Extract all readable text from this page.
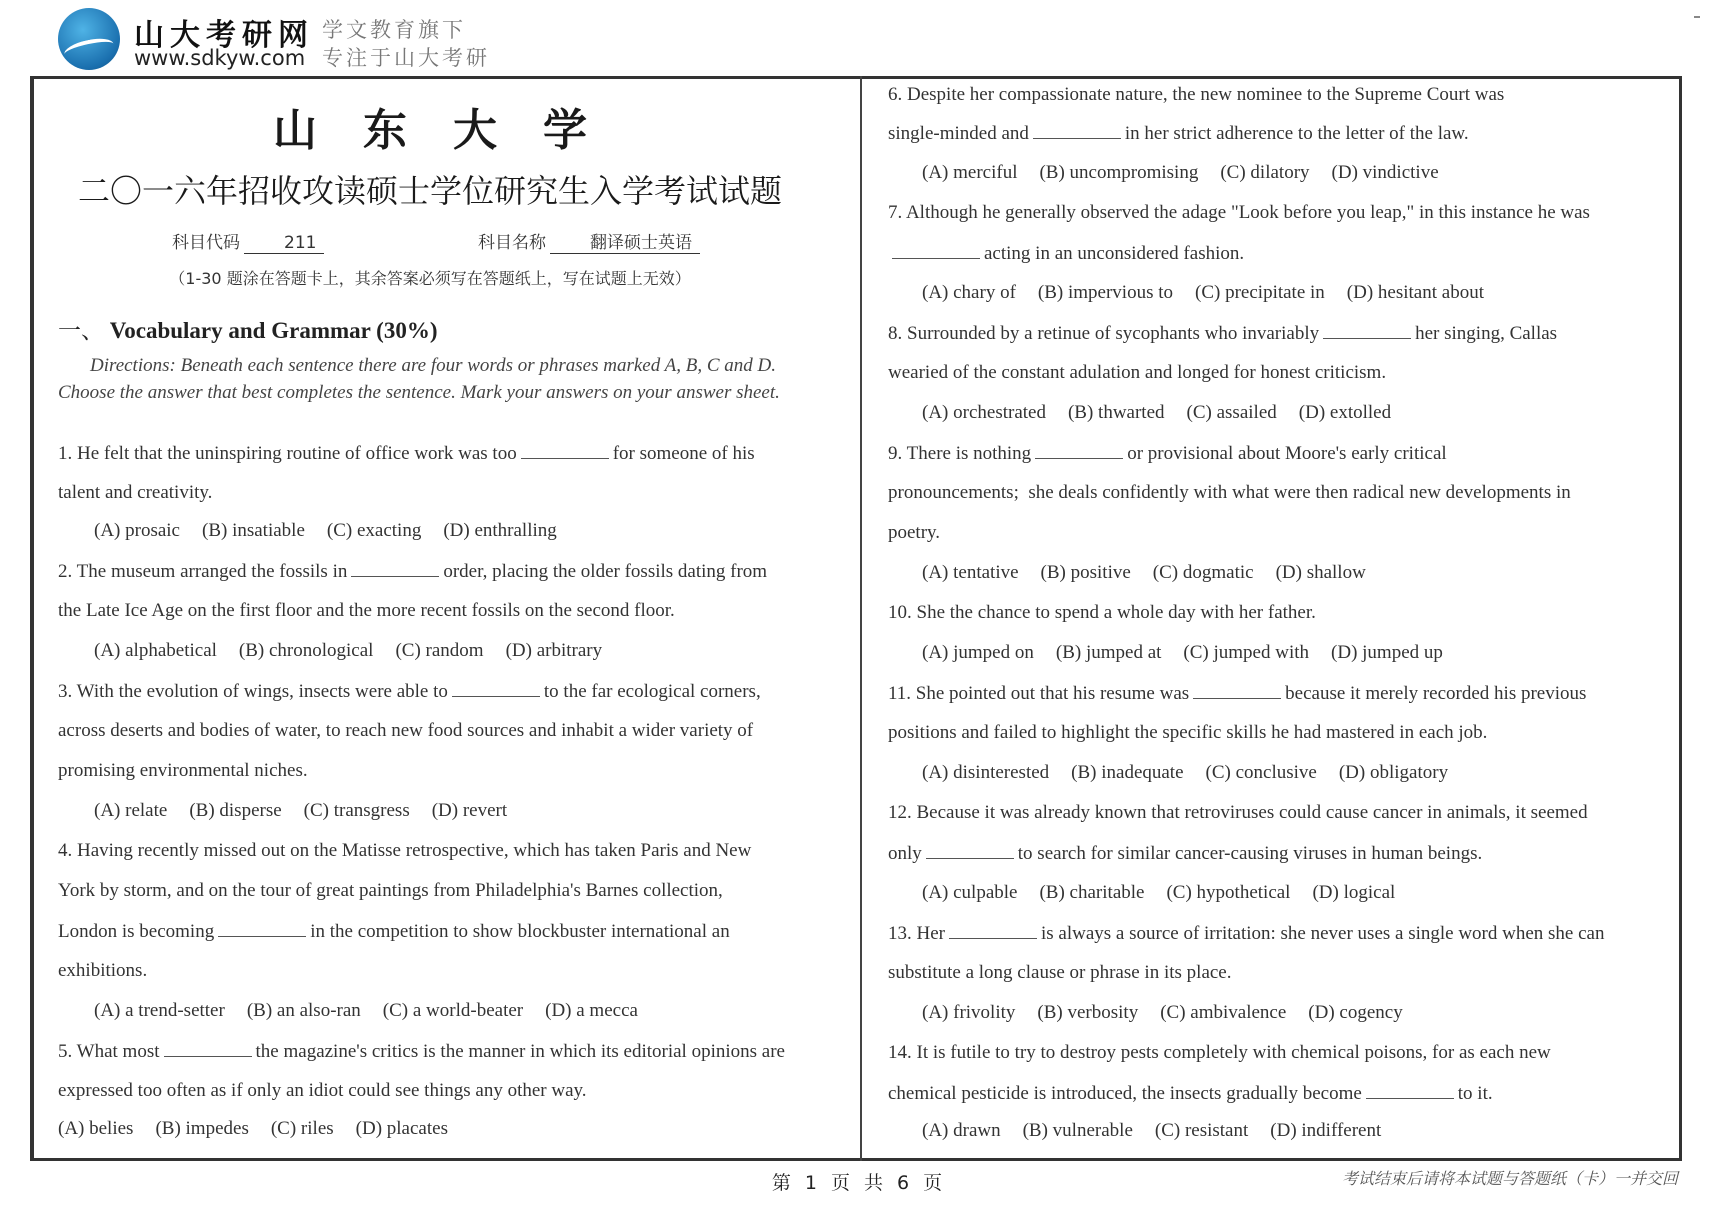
山大考研网
www.sdkyw.com
学文教育旗下
专注于山大考研
山东大学
二〇一六年招收攻读硕士学位研究生入学考试试题
科目代码	211	科目名称	翻译硕士英语
（1-30 题涂在答题卡上，其余答案必须写在答题纸上，写在试题上无效）
一、 Vocabulary and Grammar (30%)
Directions: Beneath each sentence there are four words or phrases marked A, B, C and D. Choose the answer that best completes the sentence. Mark your answers on your answer sheet.
1. He felt that the uninspiring routine of office work was too	for someone of his
talent and creativity.
(A) prosaic (B) insatiable (C) exacting (D) enthralling
2. The museum arranged the fossils in	order, placing the older fossils dating from
the Late Ice Age on the first floor and the more recent fossils on the second floor.
(A) alphabetical (B) chronological (C) random (D) arbitrary
3. With the evolution of wings, insects were able to	to the far ecological corners,
across deserts and bodies of water, to reach new food sources and inhabit a wider variety of
promising environmental niches.
(A) relate (B) disperse (C) transgress (D) revert
4. Having recently missed out on the Matisse retrospective, which has taken Paris and New
York by storm, and on the tour of great paintings from Philadelphia's Barnes collection,
London is becoming	in the competition to show blockbuster international an
exhibitions.
(A) a trend-setter (B) an also-ran (C) a world-beater (D) a mecca
5. What most	the magazine's critics is the manner in which its editorial opinions are
expressed too often as if only an idiot could see things any other way.
(A) belies (B) impedes (C) riles (D) placates
6. Despite her compassionate nature, the new nominee to the Supreme Court was
single-minded and	in her strict adherence to the letter of the law.
(A) merciful (B) uncompromising (C) dilatory (D) vindictive
7. Although he generally observed the adage "Look before you leap," in this instance he was
acting in an unconsidered fashion.
(A) chary of (B) impervious to (C) precipitate in (D) hesitant about
8. Surrounded by a retinue of sycophants who invariably	her singing, Callas
wearied of the constant adulation and longed for honest criticism.
(A) orchestrated (B) thwarted (C) assailed (D) extolled
9. There is nothing	or provisional about Moore's early critical
pronouncements; she deals confidently with what were then radical new developments in
poetry.
(A) tentative (B) positive (C) dogmatic (D) shallow
10. She the chance to spend a whole day with her father.
(A) jumped on (B) jumped at (C) jumped with (D) jumped up
11. She pointed out that his resume was	because it merely recorded his previous
positions and failed to highlight the specific skills he had mastered in each job.
(A) disinterested (B) inadequate (C) conclusive (D) obligatory
12. Because it was already known that retroviruses could cause cancer in animals, it seemed
only	to search for similar cancer-causing viruses in human beings.
(A) culpable (B) charitable (C) hypothetical (D) logical
13. Her	is always a source of irritation: she never uses a single word when she can
substitute a long clause or phrase in its place.
(A) frivolity (B) verbosity (C) ambivalence (D) cogency
14. It is futile to try to destroy pests completely with chemical poisons, for as each new
chemical pesticide is introduced, the insects gradually become	to it.
(A) drawn (B) vulnerable (C) resistant (D) indifferent
第 1 页 共 6 页	考试结束后请将本试题与答题纸（卡）一并交回
